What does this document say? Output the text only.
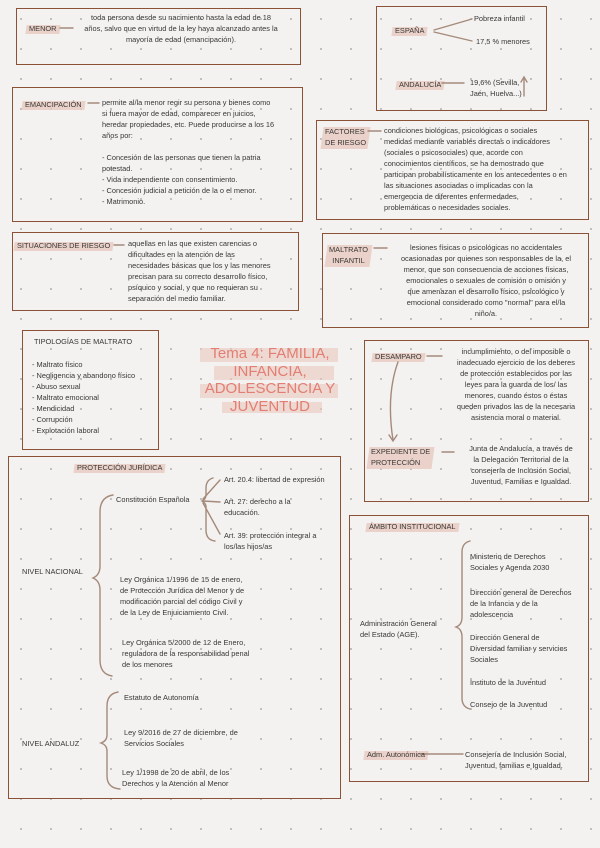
MENOR
toda persona desde su nacimiento hasta la edad de 18
años, salvo que en virtud de la ley haya alcanzado antes la
mayoría de edad (emancipación).
ESPAÑA
Pobreza infantil
17,5 % menores
ANDALUCÍA	19,6% (Sevilla,
Jaén, Huelva...)
EMANCIPACIÓN	permite al/la menor regir su persona y bienes como
si fuera mayor de edad, comparecer en juicios,
heredar propiedades, etc. Puede producirse a los 16
años por:

- Concesión de las personas que tienen la patria
potestad.
- Vida independiente con consentimiento.
- Concesión judicial a petición de la o el menor.
- Matrimonio.
FACTORES
DE RIESGO
condiciones biológicas, psicológicas o sociales
medidas mediante variables directas o indicadores
(sociales o psicosociales) que, acorde con
conocimientos científicos, se ha demostrado que
participan probabilísticamente en los antecedentes o en
las situaciones asociadas o implicadas con la
emergencia de diferentes enfermedades,
problemáticas o necesidades sociales.
SITUACIONES DE RIESGO	aquellas en las que existen carencias o
dificultades en la atención de las
necesidades básicas que los y las menores
precisan para su correcto desarrollo físico,
psíquico y social, y que no requieran su
separación del medio familiar.
MALTRATO
INFANTIL
lesiones físicas o psicológicas no accidentales
ocasionadas por quienes son responsables de la, el
menor, que son consecuencia de acciones físicas,
emocionales o sexuales de comisión o omisión y
que amenazan el desarrollo físico, psicológico y
emocional considerado como "normal" para el/la
niño/a.
TIPOLOGÍAS DE MALTRATO
- Maltrato físico
- Negligencia y abandono físico
- Abuso sexual
- Maltrato emocional
- Mendicidad
- Corrupción
- Explotación laboral
Tema 4: FAMILIA,
INFANCIA,
ADOLESCENCIA Y
JUVENTUD
DESAMPARO
incumplimiento, o del imposible o
inadecuado ejercicio de los deberes
de protección establecidos por las
leyes para la guarda de los/ las
menores, cuando éstos o éstas
queden privados las de la necesaria
asistencia moral o material.
EXPEDIENTE DE
PROTECCIÓN
Junta de Andalucía, a través de
la Delegación Territorial de la
consejería de Inclusión Social,
Juventud, Familias e Igualdad.
PROTECCIÓN JURÍDICA
NIVEL NACIONAL
Constitución Española
Art. 20.4: libertad de expresión
Art. 27: derecho a la
educación.
Art. 39: protección integral a
los/las hijos/as
Ley Orgánica 1/1996 de 15 de enero,
de Protección Jurídica del Menor y de
modificación parcial del código Civil y
de la Ley de Enjuiciamiento Civil.
Ley Orgánica 5/2000 de 12 de Enero,
reguladora de la responsabilidad penal
de los menores
NIVEL ANDALUZ
Estatuto de Autonomía
Ley 9/2016 de 27 de diciembre, de
Servicios Sociales
Ley 1/1998 de 20 de abril, de los
Derechos y la Atención al Menor
ÁMBITO INSTITUCIONAL
Administración General
del Estado (AGE).
Ministerio de Derechos
Sociales y Agenda 2030
Dirección general de Derechos
de la Infancia y de la
adolescencia
Dirección General de
Diversidad familiar y servicios
Sociales
Instituto de la Juventud
Consejo de la Juventud
Adm. Autonómica	Consejería de Inclusión Social,
Juventud, familias e Igualdad.
